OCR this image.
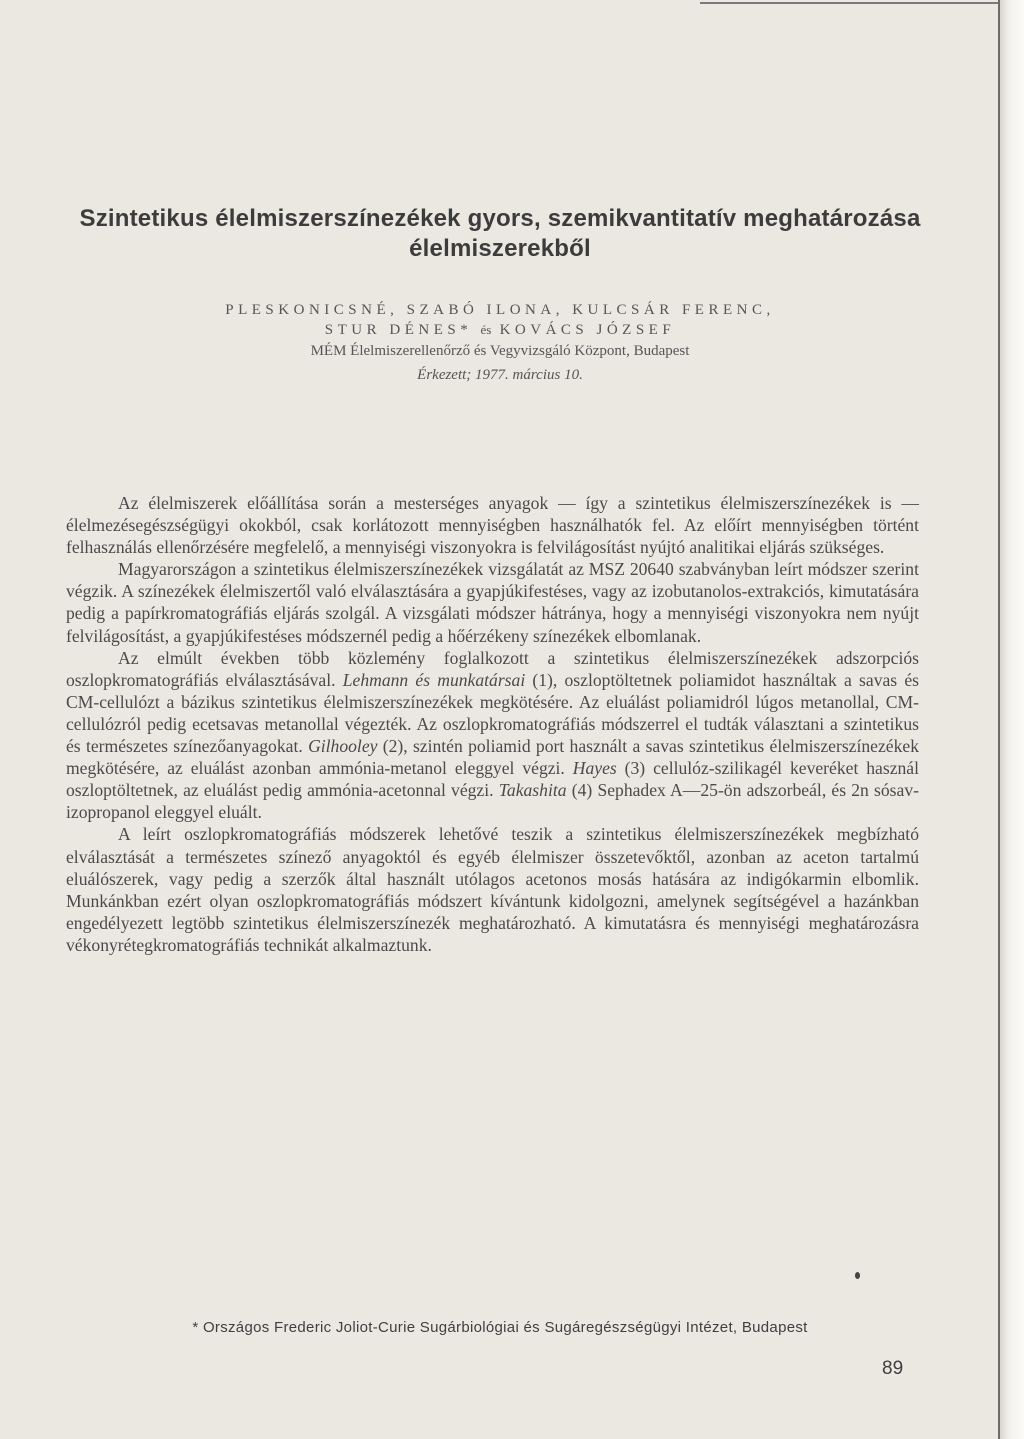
Szintetikus élelmiszerszínezékek gyors, szemikvantitatív meghatározása élelmiszerekből
PLESKONICSNÉ, SZABÓ ILONA, KULCSÁR FERENC,
STUR DÉNES* és KOVÁCS JÓZSEF
MÉM Élelmiszerellenőrző és Vegyvizsgáló Központ, Budapest
Érkezett; 1977. március 10.

Az élelmiszerek előállítása során a mesterséges anyagok — így a szintetikus élelmiszerszínezékek is — élelmezésegészségügyi okokból, csak korlátozott mennyiségben használhatók fel. Az előírt mennyiségben történt felhasználás ellenőrzésére megfelelő, a mennyiségi viszonyokra is felvilágosítást nyújtó analitikai eljárás szükséges.

Magyarországon a szintetikus élelmiszerszínezékek vizsgálatát az MSZ 20640 szabványban leírt módszer szerint végzik. A színezékek élelmiszertől való elválasztására a gyapjúkifestéses, vagy az izobutanolos-extrakciós, kimutatására pedig a papírkromatográfiás eljárás szolgál. A vizsgálati módszer hátránya, hogy a mennyiségi viszonyokra nem nyújt felvilágosítást, a gyapjúkifestéses módszernél pedig a hőérzékeny színezékek elbomlanak.

Az elmúlt években több közlemény foglalkozott a szintetikus élelmiszerszínezékek adszorpciós oszlopkromatográfiás elválasztásával. Lehmann és munkatársai (1), oszloptöltetnek poliamidot használtak a savas és CM-cellulózt a bázikus szintetikus élelmiszerszínezékek megkötésére. Az eluálást poliamidról lúgos metanollal, CM-cellulózról pedig ecetsavas metanollal végezték. Az oszlopkromatográfiás módszerrel el tudták választani a szintetikus és természetes színezőanyagokat. Gilhooley (2), szintén poliamid port használt a savas szintetikus élelmiszerszínezékek megkötésére, az eluálást azonban ammónia-metanol eleggyel végzi. Hayes (3) cellulóz-szilikagél keveréket használ oszloptöltetnek, az eluálást pedig ammónia-acetonnal végzi. Takashita (4) Sephadex A—25-ön adszorbeál, és 2n sósav-izopropanol eleggyel eluált.

A leírt oszlopkromatográfiás módszerek lehetővé teszik a szintetikus élelmiszerszínezékek megbízható elválasztását a természetes színező anyagoktól és egyéb élelmiszer összetevőktől, azonban az aceton tartalmú eluálószerek, vagy pedig a szerzők által használt utólagos acetonos mosás hatására az indigókarmin elbomlik. Munkánkban ezért olyan oszlopkromatográfiás módszert kívántunk kidolgozni, amelynek segítségével a hazánkban engedélyezett legtöbb szintetikus élelmiszerszínezék meghatározható. A kimutatásra és mennyiségi meghatározásra vékonyrétegkromatográfiás technikát alkalmaztunk.

* Országos Frederic Joliot-Curie Sugárbiológiai és Sugáregészségügyi Intézet, Budapest
89
